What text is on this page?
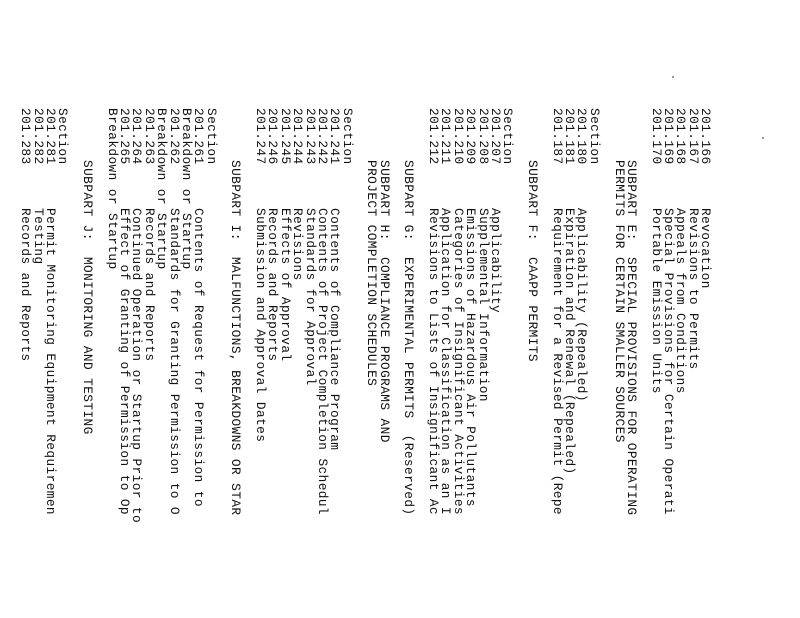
201.166
Revocation
201.167
Revisions to Permits
201.168
Appeals from Conditions
201.169
Special Provisions for Certain Operati
201.170
Portable Emission Units
SUBPART E:  SPECIAL PROVISIONS FOR OPERATING
PERMITS FOR CERTAIN SMALLER SOURCES
Section
201.180
Applicability (Repealed)
201.181
Expiration and Renewal (Repealed)
201.187
Requirement for a Revised Permit (Repe
SUBPART F:  CAAPP PERMITS
Section
201.207
Applicability
201.208
Supplemental Information
201.209
Emissions of Hazardous Air Pollutants
201.210
Categories of Insignificant Activities
201.211
Application for Classification as an I
201.212
Revisions to Lists of Insignificant Ac
SUBPART G:  EXPERIMENTAL PERMITS  (Reserved)
SUBPART H:  COMPLIANCE PROGRAMS AND
PROJECT COMPLETION SCHEDULES
Section
201.241
Contents of Compliance Program
201.242
Contents of Project Completion Schedul
201.243
Standards for Approval
201.244
Revisions
201.245
Effects of Approval
201.246
Records and Reports
201.247
Submission and Approval Dates
SUBPART I:  MALFUNCTIONS, BREAKDOWNS OR STAR
Section
201.261
Contents of Request for Permission to
Breakdown or Startup
201.262
Standards for Granting Permission to O
Breakdown or Startup
201.263
Records and Reports
201.264
Continued Operation or Startup Prior to
201.265
Effect of Granting of Permission to Op
Breakdown or Startup
SUBPART J:  MONITORING AND TESTING
Section
201.281
Permit Monitoring Equipment Requiremen
201.282
Testing
201.283
Records and Reports
